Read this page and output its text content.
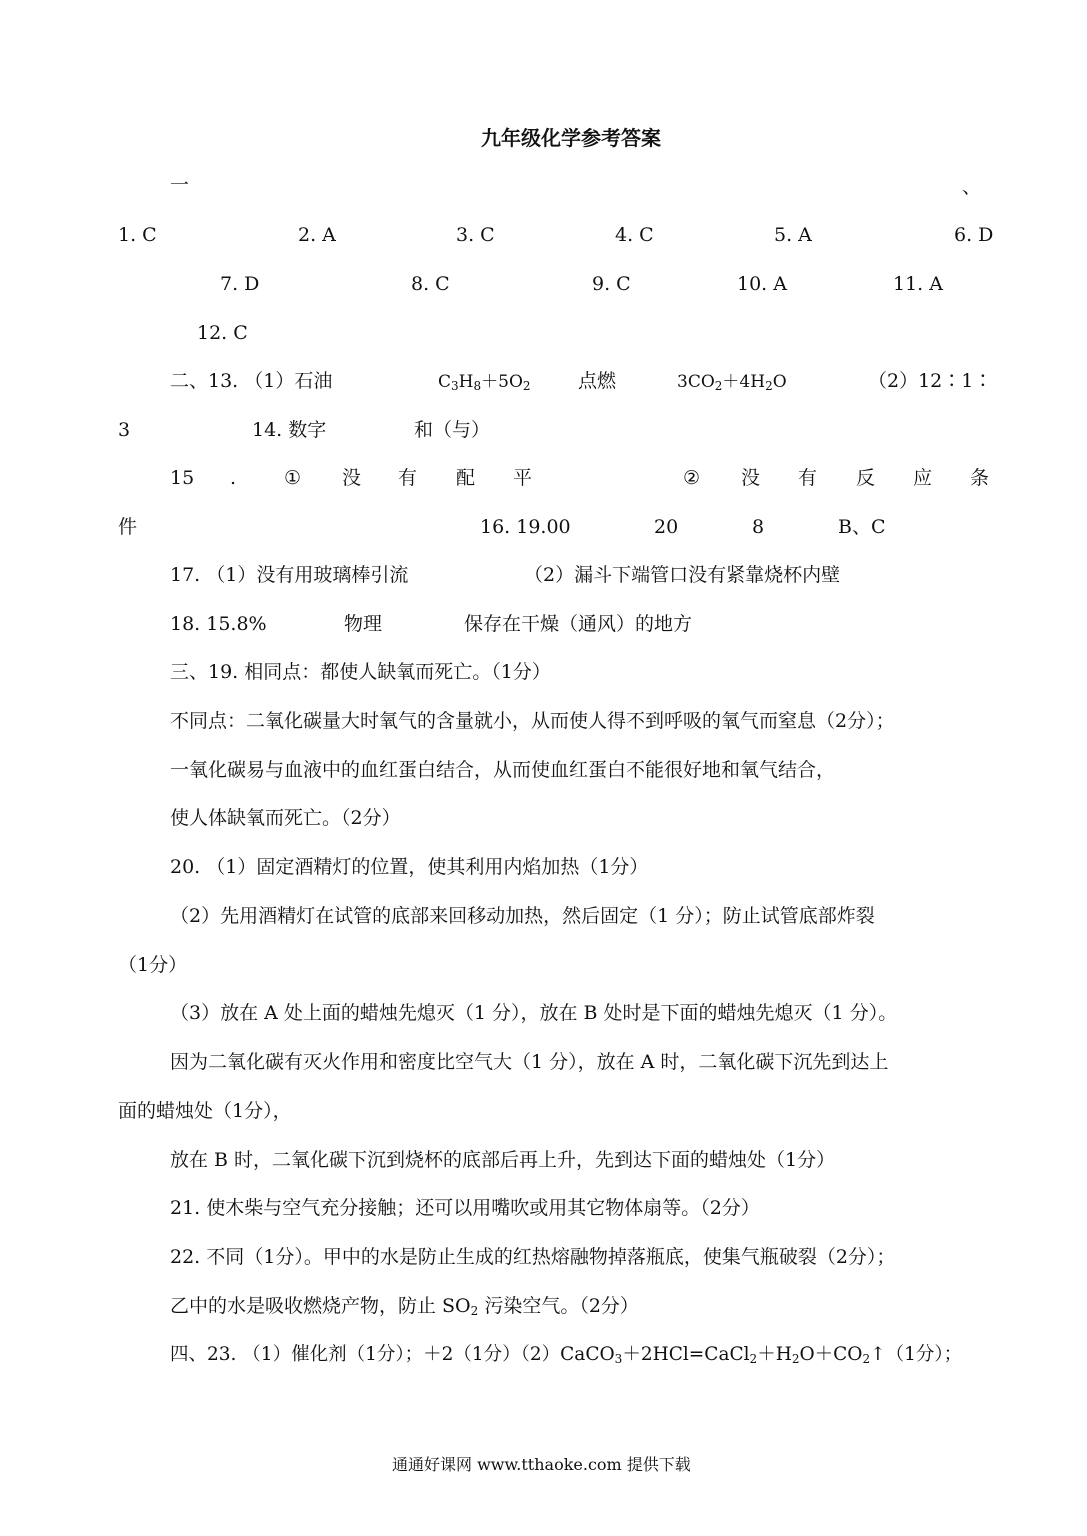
九年级化学参考答案
一	、
1. C	2. A	3. C	4. C	5. A	6. D
7. D	8. C	9. C	10. A	11. A
12. C
二、13. （1）石油	$C_3H_8+5O_2$ 点燃	$3CO_2+4H_2O$	（2）12∶1∶
3	14. 数字	和（与）
15 .	① 没 有 配 平	② 没 有 反 应 条
件	16. 19.00	20	8	B、C
17. （1）没有用玻璃棒引流	（2）漏斗下端管口没有紧靠烧杯内壁
18. 15.8%	物理	保存在干燥（通风）的地方
三、19. 相同点：都使人缺氧而死亡。（1分）
不同点：二氧化碳量大时氧气的含量就小，从而使人得不到呼吸的氧气而窒息（2分）；
一氧化碳易与血液中的血红蛋白结合，从而使血红蛋白不能很好地和氧气结合，
使人体缺氧而死亡。（2分）
20. （1）固定酒精灯的位置，使其利用内焰加热（1分）
（2）先用酒精灯在试管的底部来回移动加热，然后固定（1 分）；防止试管底部炸裂
（1分）
（3）放在 A 处上面的蜡烛先熄灭（1 分），放在 B 处时是下面的蜡烛先熄灭（1 分）。
因为二氧化碳有灭火作用和密度比空气大（1 分），放在 A 时，二氧化碳下沉先到达上
面的蜡烛处（1分），
放在 B 时，二氧化碳下沉到烧杯的底部后再上升，先到达下面的蜡烛处（1分）
21. 使木柴与空气充分接触；还可以用嘴吹或用其它物体扇等。（2分）
22. 不同（1分）。甲中的水是防止生成的红热熔融物掉落瓶底，使集气瓶破裂（2分）；
乙中的水是吸收燃烧产物，防止 $SO_2$ 污染空气。（2分）
四、23. （1）催化剂（1分）；＋2（1分）$(2)CaCO_3+2HCl=CaCl_2+H_2O+CO_2↑(1$分）；
通通好课网 www.tthaoke.com 提供下载
